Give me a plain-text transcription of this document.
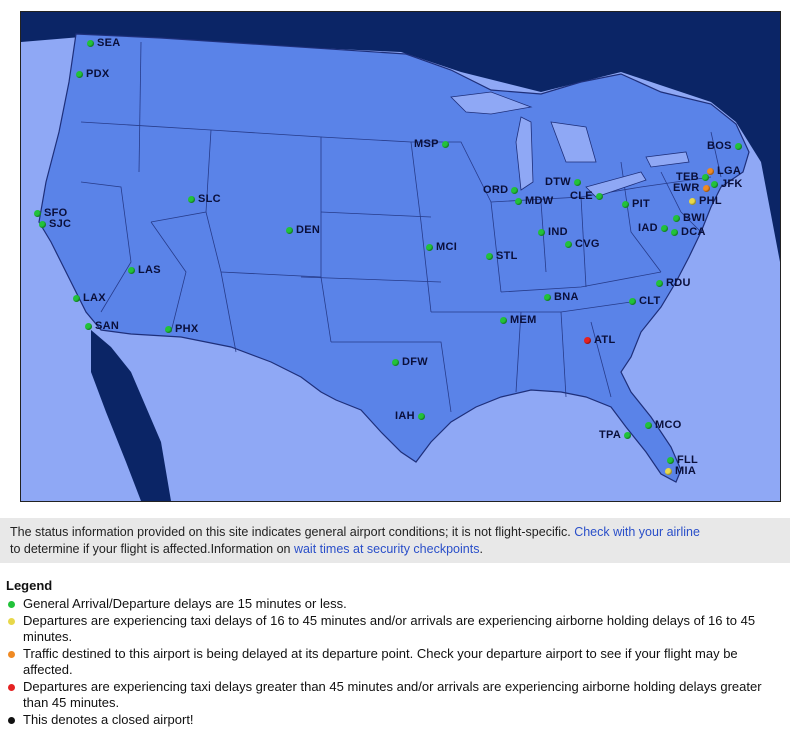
SEA
PDX
SFO
SJC
LAX
SAN
LAS
PHX
SLC
DEN
DFW
IAH
MSP
MCI
STL
ORD
MDW
MEM
BNA
IND
CVG
DTW
CLE
PIT
ATL
CLT
RDU
IAD DCA
BWI
PHL
EWR
TEB LGA
JFK
BOS
MCO
TPA
FLL
MIA
The status information provided on this site indicates general airport conditions; it is not flight-specific. Check with your airline
to determine if your flight is affected.Information on wait times at security checkpoints.
Legend
General Arrival/Departure delays are 15 minutes or less.
Departures are experiencing taxi delays of 16 to 45 minutes and/or arrivals are experiencing airborne holding delays of 16 to 45 minutes.
Traffic destined to this airport is being delayed at its departure point. Check your departure airport to see if your flight may be affected.
Departures are experiencing taxi delays greater than 45 minutes and/or arrivals are experiencing airborne holding delays greater than 45 minutes.
This denotes a closed airport!
